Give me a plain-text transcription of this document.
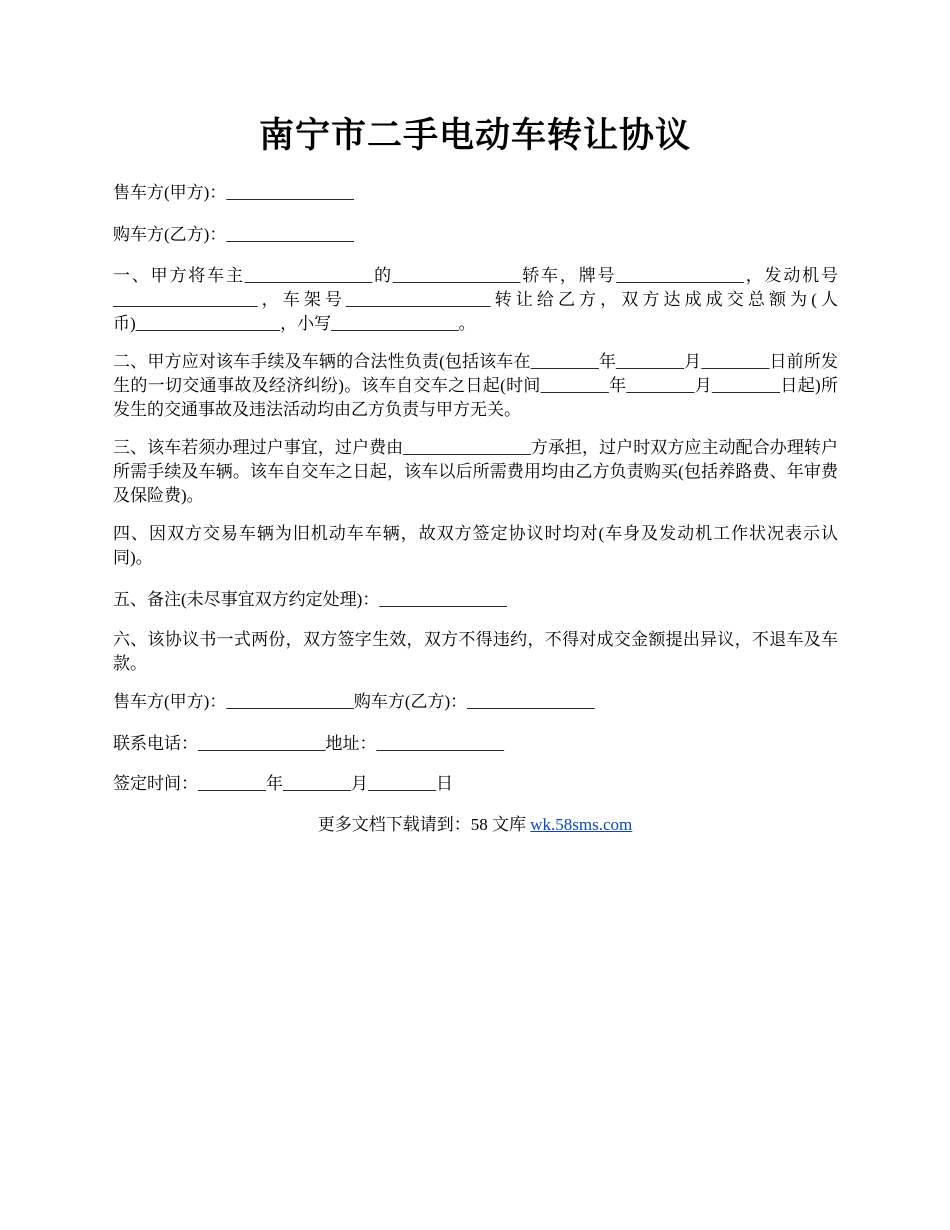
南宁市二手电动车转让协议

售车方(甲方)：_______________

购车方(乙方)：_______________

一、甲方将车主_______________的_______________轿车，牌号_______________，发动机号_________________，车架号_________________转让给乙方，双方达成成交总额为(人币)_________________，小写_______________。

二、甲方应对该车手续及车辆的合法性负责(包括该车在________年________月________日前所发生的一切交通事故及经济纠纷)。该车自交车之日起(时间________年________月________日起)所发生的交通事故及违法活动均由乙方负责与甲方无关。

三、该车若须办理过户事宜，过户费由_______________方承担，过户时双方应主动配合办理转户所需手续及车辆。该车自交车之日起，该车以后所需费用均由乙方负责购买(包括养路费、年审费及保险费)。

四、因双方交易车辆为旧机动车车辆，故双方签定协议时均对(车身及发动机工作状况表示认同)。

五、备注(未尽事宜双方约定处理)：_______________

六、该协议书一式两份，双方签字生效，双方不得违约，不得对成交金额提出异议，不退车及车款。

售车方(甲方)：_______________购车方(乙方)：_______________

联系电话：_______________地址：_______________

签定时间：________年________月________日

更多文档下载请到：58 文库 wk.58sms.com
